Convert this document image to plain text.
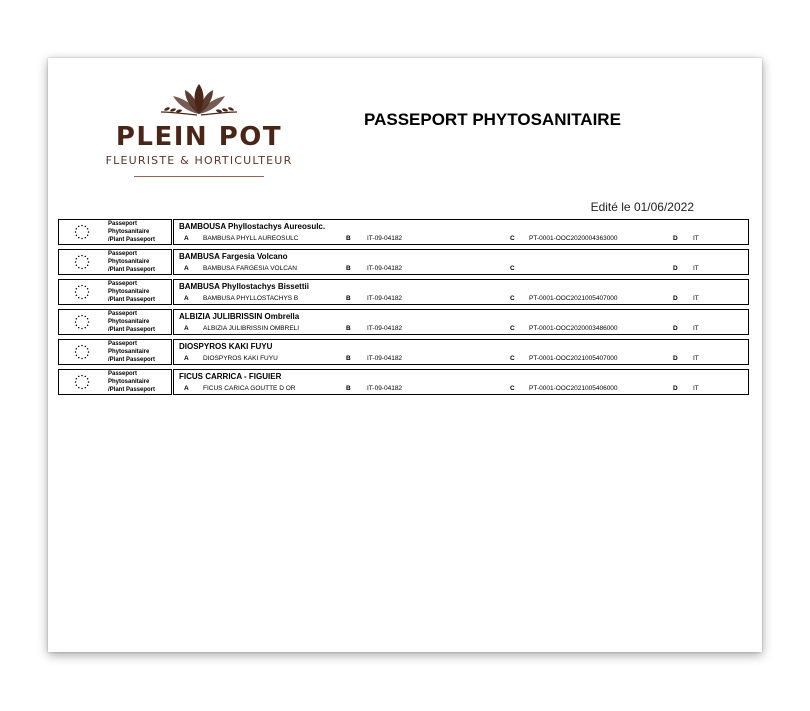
PLEIN POT
FLEURISTE & HORTICULTEUR
PASSEPORT PHYTOSANITAIRE
Edité le 01/06/2022
Passeport
Phytosanitaire
/Plant Passeport
BAMBOUSA Phyllostachys Aureosulc.
A BAMBUSA PHYLL AUREOSULC	B	IT-09-04182	C PT-0001-OOC2020004363000	D IT
Passeport
Phytosanitaire
/Plant Passeport
BAMBUSA Fargesia Volcano
A BAMBUSA FARGESIA VOLCAN	B	IT-09-04182	C	D IT
Passeport
Phytosanitaire
/Plant Passeport
BAMBUSA Phyllostachys Bissettii
A BAMBUSA PHYLLOSTACHYS B	B	IT-09-04182	C PT-0001-OOC2021005407000	D IT
Passeport
Phytosanitaire
/Plant Passeport
ALBIZIA JULIBRISSIN Ombrella
A ALBIZIA JULIBRISSIN OMBRELI	B	IT-09-04182	C PT-0001-OOC2020003486000	D IT
Passeport
Phytosanitaire
/Plant Passeport
DIOSPYROS KAKI FUYU
A DIOSPYROS KAKI FUYU	B	IT-09-04182	C PT-0001-OOC2021005407000	D IT
Passeport
Phytosanitaire
/Plant Passeport
FICUS CARRICA - FIGUIER
A FICUS CARICA GOUTTE D OR	B	IT-09-04182	C PT-0001-OOC2021005406000	D IT
